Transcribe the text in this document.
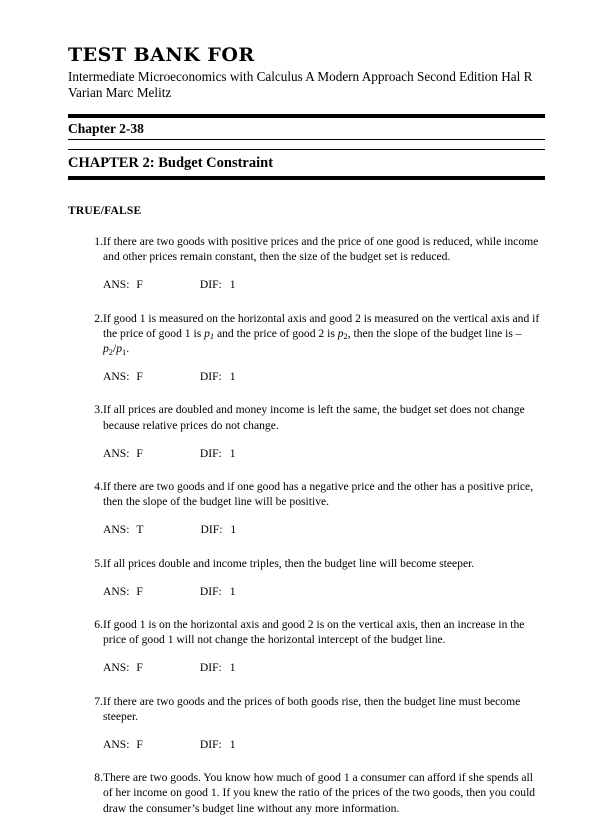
TEST BANK FOR
Intermediate Microeconomics with Calculus A Modern Approach Second Edition Hal R Varian Marc Melitz
Chapter 2-38
CHAPTER 2: Budget Constraint
TRUE/FALSE
1. If there are two goods with positive prices and the price of one good is reduced, while income and other prices remain constant, then the size of the budget set is reduced.
ANS: F	DIF: 1
2. If good 1 is measured on the horizontal axis and good 2 is measured on the vertical axis and if the price of good 1 is $p_1$ and the price of good 2 is $p_2$, then the slope of the budget line is $-p_2/p_1$.
ANS: F	DIF: 1
3. If all prices are doubled and money income is left the same, the budget set does not change because relative prices do not change.
ANS: F	DIF: 1
4. If there are two goods and if one good has a negative price and the other has a positive price, then the slope of the budget line will be positive.
ANS: T	DIF: 1
5. If all prices double and income triples, then the budget line will become steeper.
ANS: F	DIF: 1
6. If good 1 is on the horizontal axis and good 2 is on the vertical axis, then an increase in the price of good 1 will not change the horizontal intercept of the budget line.
ANS: F	DIF: 1
7. If there are two goods and the prices of both goods rise, then the budget line must become steeper.
ANS: F	DIF: 1
8. There are two goods. You know how much of good 1 a consumer can afford if she spends all of her income on good 1. If you knew the ratio of the prices of the two goods, then you could draw the consumer’s budget line without any more information.
